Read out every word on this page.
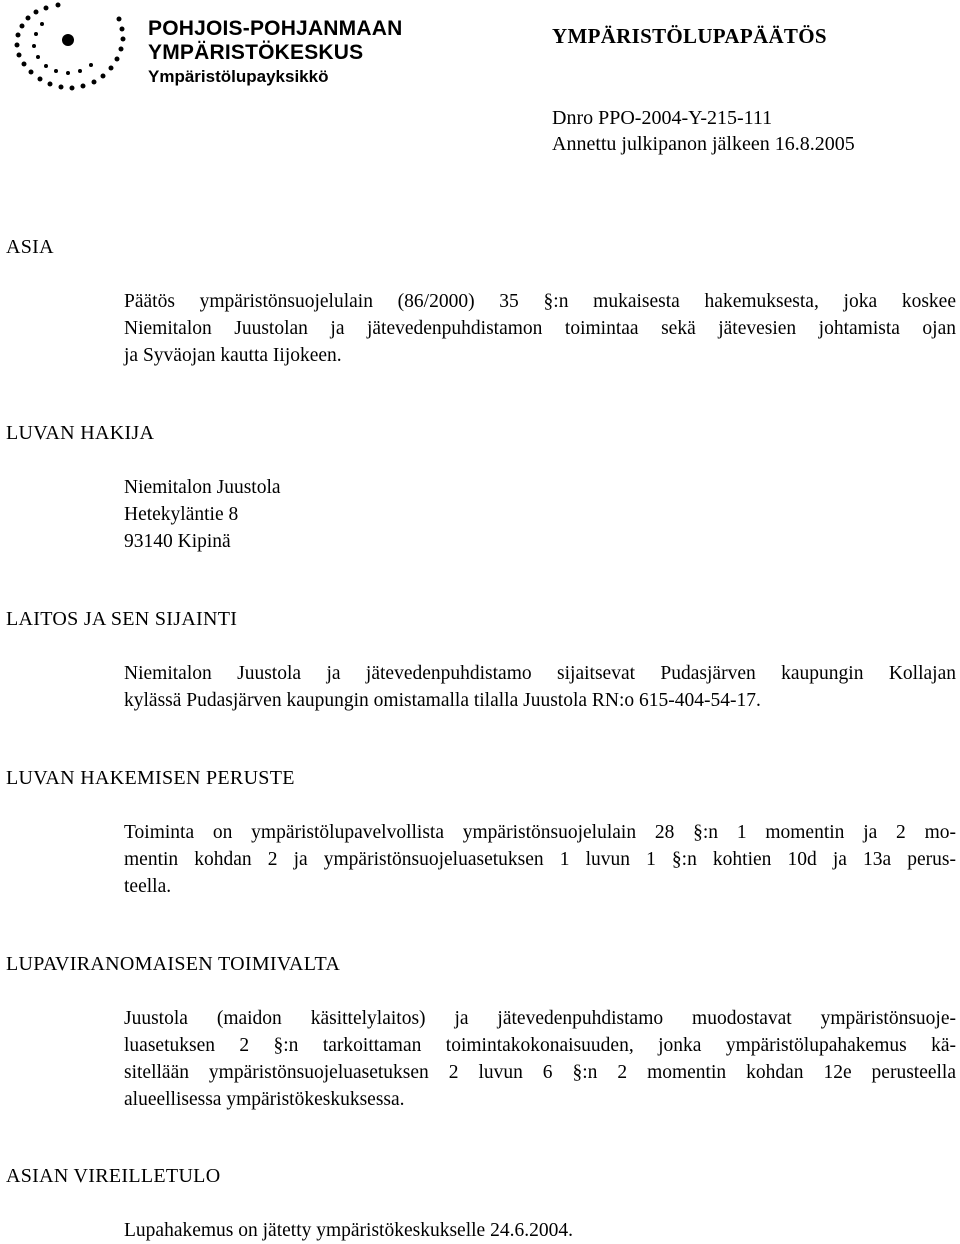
POHJOIS-POHJANMAAN
YMPÄRISTÖKESKUS
Ympäristölupayksikkö
YMPÄRISTÖLUPAPÄÄTÖS
Dnro PPO-2004-Y-215-111
Annettu julkipanon jälkeen 16.8.2005
ASIA
Päätös ympäristönsuojelulain (86/2000) 35 §:n mukaisesta hakemuksesta, joka koskee
Niemitalon Juustolan ja jätevedenpuhdistamon toimintaa sekä jätevesien johtamista ojan
ja Syväojan kautta Iijokeen.
LUVAN HAKIJA
Niemitalon Juustola
Hetekyläntie 8
93140 Kipinä
LAITOS JA SEN SIJAINTI
Niemitalon Juustola ja jätevedenpuhdistamo sijaitsevat Pudasjärven kaupungin Kollajan
kylässä Pudasjärven kaupungin omistamalla tilalla Juustola RN:o 615-404-54-17.
LUVAN HAKEMISEN PERUSTE
Toiminta on ympäristölupavelvollista ympäristönsuojelulain 28 §:n 1 momentin ja 2 mo-
mentin kohdan 2 ja ympäristönsuojeluasetuksen 1 luvun 1 §:n kohtien 10d ja 13a perus-
teella.
LUPAVIRANOMAISEN TOIMIVALTA
Juustola (maidon käsittelylaitos) ja jätevedenpuhdistamo muodostavat ympäristönsuoje-
luasetuksen 2 §:n tarkoittaman toimintakokonaisuuden, jonka ympäristölupahakemus kä-
sitellään ympäristönsuojeluasetuksen 2 luvun 6 §:n 2 momentin kohdan 12e perusteella
alueellisessa ympäristökeskuksessa.
ASIAN VIREILLETULO
Lupahakemus on jätetty ympäristökeskukselle 24.6.2004.
